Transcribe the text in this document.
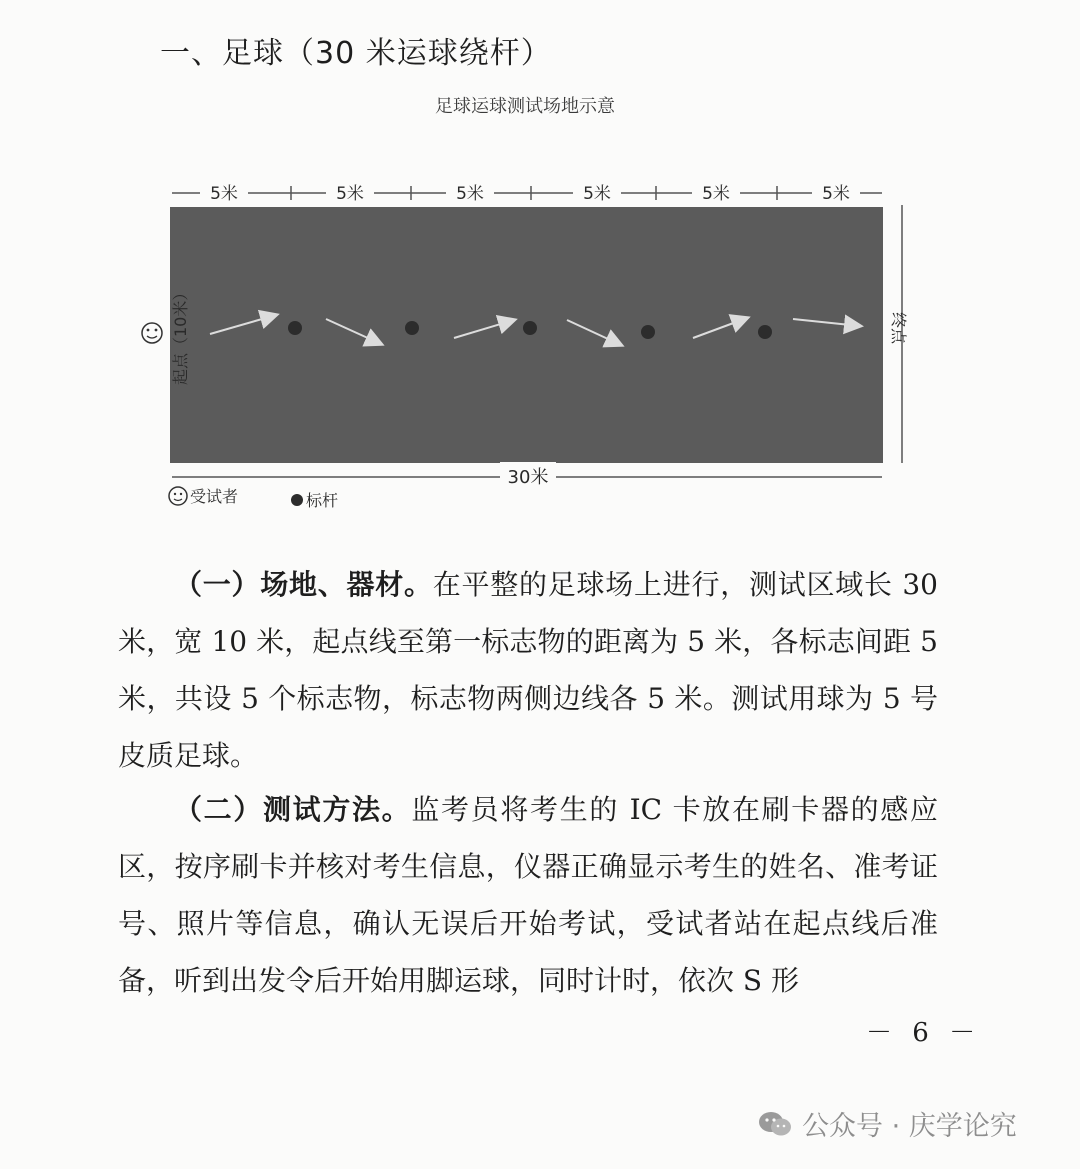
一、足球（30 米运球绕杆）
足球运球测试场地示意
5米	5米	5米	5米	5米	5米
30米
起点（10米）	终点
受试者	标杆

（一）场地、器材。在平整的足球场上进行，测试区域长 30 米，宽 10 米，起点线至第一标志物的距离为 5 米，各标志间距 5 米，共设 5 个标志物，标志物两侧边线各 5 米。测试用球为 5 号皮质足球。

（二）测试方法。监考员将考生的 IC 卡放在刷卡器的感应区，按序刷卡并核对考生信息，仪器正确显示考生的姓名、准考证号、照片等信息，确认无误后开始考试，受试者站在起点线后准备，听到出发令后开始用脚运球，同时计时，依次 S 形

－ 6 －
公众号 · 庆学论究
